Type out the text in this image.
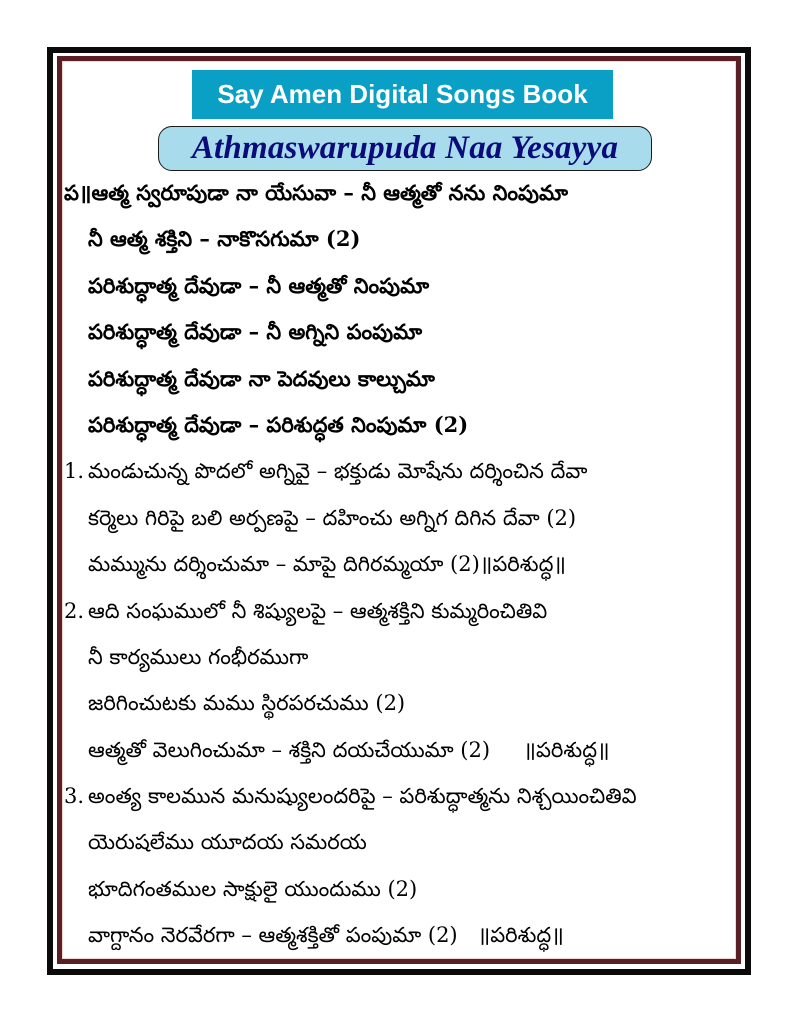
Say Amen Digital Songs Book
Athmaswarupuda Naa Yesayya
ప॥ ఆత్మ స్వరూపుడా నా యేసువా – నీ ఆత్మతో నను నింపుమా
నీ ఆత్మ శక్తిని – నాకొసగుమా (2)
పరిశుద్ధాత్మ దేవుడా – నీ ఆత్మతో నింపుమా
పరిశుద్ధాత్మ దేవుడా – నీ అగ్నిని పంపుమా
పరిశుద్ధాత్మ దేవుడా నా పెదవులు కాల్చుమా
పరిశుద్ధాత్మ దేవుడా – పరిశుద్ధత నింపుమా (2)
1. మండుచున్న పొదలో అగ్నివై – భక్తుడు మోషేను దర్శించిన దేవా
కర్మెలు గిరిపై బలి అర్పణపై – దహించు అగ్నిగ దిగిన దేవా (2)
మమ్మును దర్శించుమా – మాపై దిగిరమ్మయా (2)॥పరిశుద్ధ॥
2. ఆది సంఘములో నీ శిష్యులపై – ఆత్మశక్తిని కుమ్మరించితివి
నీ కార్యములు గంభీరముగా
జరిగించుటకు మము స్థిరపరచుము (2)
ఆత్మతో వెలుగించుమా – శక్తిని దయచేయుమా (2)     ॥పరిశుద్ధ॥
3. అంత్య కాలమున మనుష్యులందరిపై – పరిశుద్ధాత్మను నిశ్చయించితివి
యెరుషలేము యూదయ సమరయ
భూదిగంతముల సాక్షులై యుందుము (2)
వాగ్దానం నెరవేరగా – ఆత్మశక్తితో పంపుమా (2)   ॥పరిశుద్ధ॥
